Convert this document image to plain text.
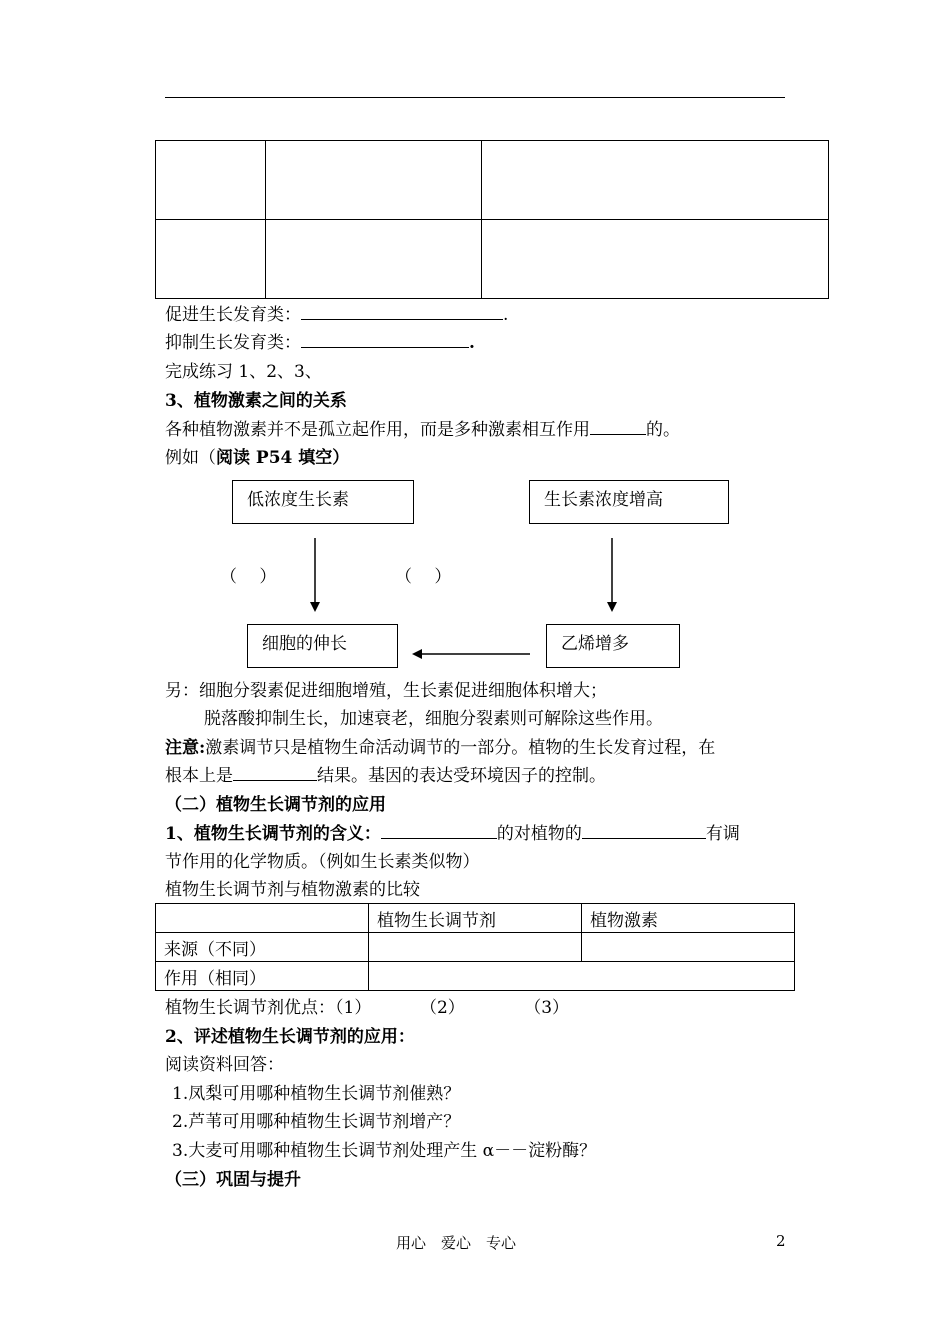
促进生长发育类：	.
抑制生长发育类：	.
完成练习 1、2、3、
3、植物激素之间的关系
各种植物激素并不是孤立起作用，而是多种激素相互作用	的。
例如（阅读 P54 填空）
低浓度生长素	生长素浓度增高
细胞的伸长	乙烯增多
（　 ）	（　 ）
另：细胞分裂素促进细胞增殖，生长素促进细胞体积增大；
脱落酸抑制生长，加速衰老，细胞分裂素则可解除这些作用。
注意:激素调节只是植物生命活动调节的一部分。植物的生长发育过程，在
根本上是	结果。基因的表达受环境因子的控制。
（二）植物生长调节剂的应用
1、植物生长调节剂的含义：	的对植物的	有调
节作用的化学物质。（例如生长素类似物）
植物生长调节剂与植物激素的比较
	植物生长调节剂	植物激素
来源（不同）		
作用（相同）		
植物生长调节剂优点：（1）         （2）           （3）
2、评述植物生长调节剂的应用：
阅读资料回答：
1.凤梨可用哪种植物生长调节剂催熟？
2.芦苇可用哪种植物生长调节剂增产？
3.大麦可用哪种植物生长调节剂处理产生 α－－淀粉酶？
（三）巩固与提升
用心　爱心　专心	2
